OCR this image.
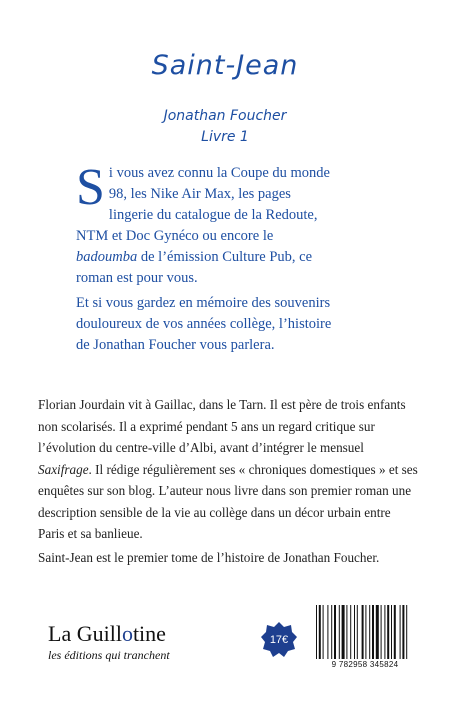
Saint-Jean
Jonathan Foucher
Livre 1

Si vous avez connu la Coupe du monde 98, les Nike Air Max, les pages lingerie du catalogue de la Redoute, NTM et Doc Gynéco ou encore le badoumba de l’émission Culture Pub, ce roman est pour vous.

Et si vous gardez en mémoire des souvenirs douloureux de vos années collège, l’histoire de Jonathan Foucher vous parlera.

Florian Jourdain vit à Gaillac, dans le Tarn. Il est père de trois enfants non scolarisés. Il a exprimé pendant 5 ans un regard critique sur l’évolution du centre-ville d’Albi, avant d’intégrer le mensuel Saxifrage. Il rédige régulièrement ses « chroniques domestiques » et ses enquêtes sur son blog. L’auteur nous livre dans son premier roman une description sensible de la vie au collège dans un décor urbain entre Paris et sa banlieue.

Saint-Jean est le premier tome de l’histoire de Jonathan Foucher.

La Guillotine
les éditions qui tranchent
17€
9 782958 345824
